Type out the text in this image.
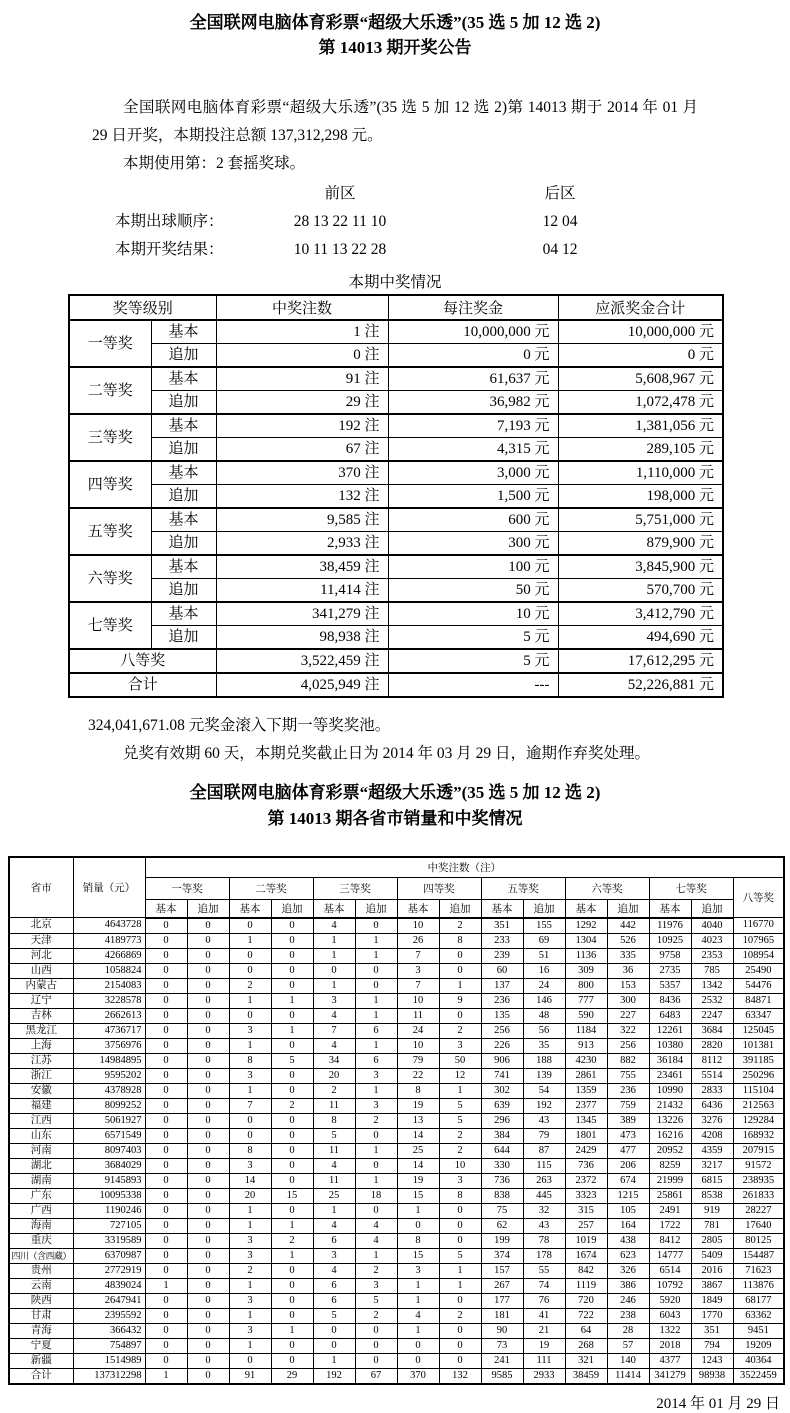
全国联网电脑体育彩票“超级大乐透”(35 选 5 加 12 选 2)
第 14013 期开奖公告

全国联网电脑体育彩票“超级大乐透”(35 选 5 加 12 选 2)第 14013 期于 2014 年 01 月 29 日开奖，本期投注总额 137,312,298 元。

本期使用第：2 套摇奖球。

前区	后区
本期出球顺序：	28 13 22 11 10	12 04
本期开奖结果：	10 11 13 22 28	04 12
本期中奖情况
奖等级别		中奖注数	每注奖金	应派奖金合计
一等奖	基本	1 注	10,000,000 元	10,000,000 元
	追加	0 注	0 元	0 元
二等奖	基本	91 注	61,637 元	5,608,967 元
	追加	29 注	36,982 元	1,072,478 元
三等奖	基本	192 注	7,193 元	1,381,056 元
	追加	67 注	4,315 元	289,105 元
四等奖	基本	370 注	3,000 元	1,110,000 元
	追加	132 注	1,500 元	198,000 元
五等奖	基本	9,585 注	600 元	5,751,000 元
	追加	2,933 注	300 元	879,900 元
六等奖	基本	38,459 注	100 元	3,845,900 元
	追加	11,414 注	50 元	570,700 元
七等奖	基本	341,279 注	10 元	3,412,790 元
	追加	98,938 注	5 元	494,690 元
八等奖		3,522,459 注	5 元	17,612,295 元
合计		4,025,949 注	---	52,226,881 元

324,041,671.08 元奖金滚入下期一等奖奖池。

兑奖有效期 60 天，本期兑奖截止日为 2014 年 03 月 29 日，逾期作弃奖处理。

全国联网电脑体育彩票“超级大乐透”(35 选 5 加 12 选 2)
第 14013 期各省市销量和中奖情况
省市	销量（元）	中奖注数（注）														
		一等奖		二等奖		三等奖		四等奖		五等奖		六等奖		七等奖		八等奖
		基本	追加	基本	追加	基本	追加	基本	追加	基本	追加	基本	追加	基本	追加	
北京	4643728	0	0	0	0	4	0	10	2	351	155	1292	442	11976	4040	116770
天津	4189773	0	0	1	0	1	1	26	8	233	69	1304	526	10925	4023	107965
河北	4266869	0	0	0	0	1	1	7	0	239	51	1136	335	9758	2353	108954
山西	1058824	0	0	0	0	0	0	3	0	60	16	309	36	2735	785	25490
内蒙古	2154083	0	0	2	0	1	0	7	1	137	24	800	153	5357	1342	54476
辽宁	3228578	0	0	1	1	3	1	10	9	236	146	777	300	8436	2532	84871
吉林	2662613	0	0	0	0	4	1	11	0	135	48	590	227	6483	2247	63347
黑龙江	4736717	0	0	3	1	7	6	24	2	256	56	1184	322	12261	3684	125045
上海	3756976	0	0	1	0	4	1	10	3	226	35	913	256	10380	2820	101381
江苏	14984895	0	0	8	5	34	6	79	50	906	188	4230	882	36184	8112	391185
浙江	9595202	0	0	3	0	20	3	22	12	741	139	2861	755	23461	5514	250296
安徽	4378928	0	0	1	0	2	1	8	1	302	54	1359	236	10990	2833	115104
福建	8099252	0	0	7	2	11	3	19	5	639	192	2377	759	21432	6436	212563
江西	5061927	0	0	0	0	8	2	13	5	296	43	1345	389	13226	3276	129284
山东	6571549	0	0	0	0	5	0	14	2	384	79	1801	473	16216	4208	168932
河南	8097403	0	0	8	0	11	1	25	2	644	87	2429	477	20952	4359	207915
湖北	3684029	0	0	3	0	4	0	14	10	330	115	736	206	8259	3217	91572
湖南	9145893	0	0	14	0	11	1	19	3	736	263	2372	674	21999	6815	238935
广东	10095338	0	0	20	15	25	18	15	8	838	445	3323	1215	25861	8538	261833
广西	1190246	0	0	1	0	1	0	1	0	75	32	315	105	2491	919	28227
海南	727105	0	0	1	1	4	4	0	0	62	43	257	164	1722	781	17640
重庆	3319589	0	0	3	2	6	4	8	0	199	78	1019	438	8412	2805	80125
四川（含西藏）	6370987	0	0	3	1	3	1	15	5	374	178	1674	623	14777	5409	154487
贵州	2772919	0	0	2	0	4	2	3	1	157	55	842	326	6514	2016	71623
云南	4839024	1	0	1	0	6	3	1	1	267	74	1119	386	10792	3867	113876
陕西	2647941	0	0	3	0	6	5	1	0	177	76	720	246	5920	1849	68177
甘肃	2395592	0	0	1	0	5	2	4	2	181	41	722	238	6043	1770	63362
青海	366432	0	0	3	1	0	0	1	0	90	21	64	28	1322	351	9451
宁夏	754897	0	0	1	0	0	0	0	0	73	19	268	57	2018	794	19209
新疆	1514989	0	0	0	0	1	0	0	0	241	111	321	140	4377	1243	40364
合计	137312298	1	0	91	29	192	67	370	132	9585	2933	38459	11414	341279	98938	3522459
2014 年 01 月 29 日
